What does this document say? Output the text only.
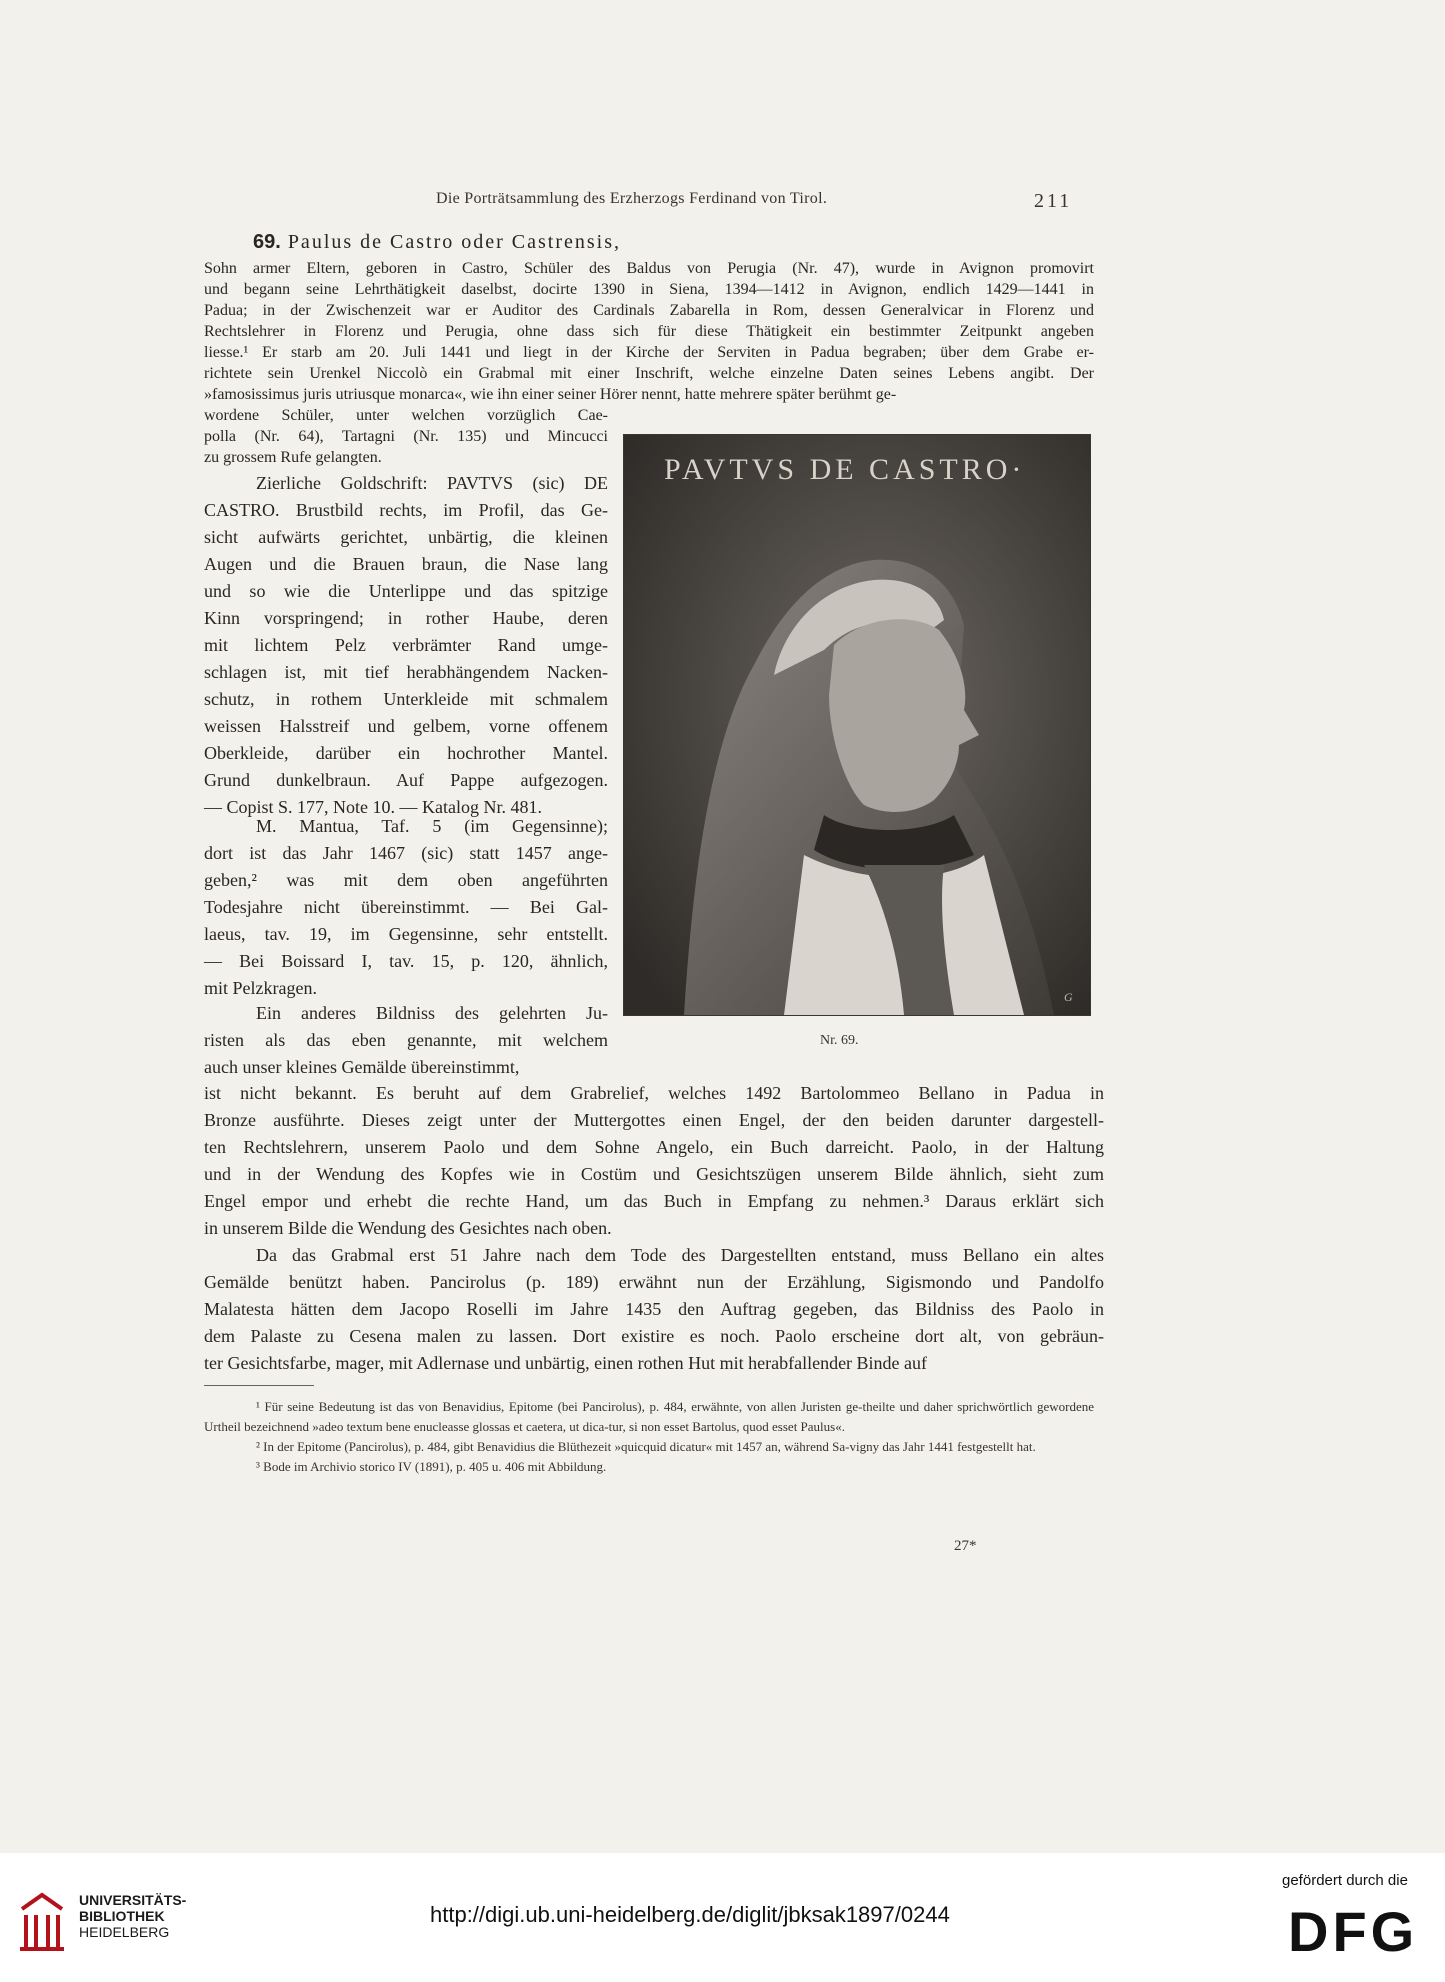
Die Porträtsammlung des Erzherzogs Ferdinand von Tirol.	211
69. Paulus de Castro oder Castrensis,
Sohn armer Eltern, geboren in Castro, Schüler des Baldus von Perugia (Nr. 47), wurde in Avignon promovirt
und begann seine Lehrthätigkeit daselbst, docirte 1390 in Siena, 1394—1412 in Avignon, endlich 1429—1441 in
Padua; in der Zwischenzeit war er Auditor des Cardinals Zabarella in Rom, dessen Generalvicar in Florenz und
Rechtslehrer in Florenz und Perugia, ohne dass sich für diese Thätigkeit ein bestimmter Zeitpunkt angeben
liesse.¹ Er starb am 20. Juli 1441 und liegt in der Kirche der Serviten in Padua begraben; über dem Grabe er-
richtete sein Urenkel Niccolò ein Grabmal mit einer Inschrift, welche einzelne Daten seines Lebens angibt. Der
»famosissimus juris utriusque monarca«, wie ihn einer seiner Hörer nennt, hatte mehrere später berühmt ge-
wordene Schüler, unter welchen vorzüglich Cae-
polla (Nr. 64), Tartagni (Nr. 135) und Mincucci
zu grossem Rufe gelangten.
Zierliche Goldschrift: PAVTVS (sic) DE
CASTRO. Brustbild rechts, im Profil, das Ge-
sicht aufwärts gerichtet, unbärtig, die kleinen
Augen und die Brauen braun, die Nase lang
und so wie die Unterlippe und das spitzige
Kinn vorspringend; in rother Haube, deren
mit lichtem Pelz verbrämter Rand umge-
schlagen ist, mit tief herabhängendem Nacken-
schutz, in rothem Unterkleide mit schmalem
weissen Halsstreif und gelbem, vorne offenem
Oberkleide, darüber ein hochrother Mantel.
Grund dunkelbraun. Auf Pappe aufgezogen.
— Copist S. 177, Note 10. — Katalog Nr. 481.
M. Mantua, Taf. 5 (im Gegensinne);
dort ist das Jahr 1467 (sic) statt 1457 ange-
geben,² was mit dem oben angeführten
Todesjahre nicht übereinstimmt. — Bei Gal-
laeus, tav. 19, im Gegensinne, sehr entstellt.
— Bei Boissard I, tav. 15, p. 120, ähnlich,
mit Pelzkragen.
Ein anderes Bildniss des gelehrten Ju-
risten als das eben genannte, mit welchem
auch unser kleines Gemälde übereinstimmt,
ist nicht bekannt. Es beruht auf dem Grabrelief, welches 1492 Bartolommeo Bellano in Padua in
Bronze ausführte. Dieses zeigt unter der Muttergottes einen Engel, der den beiden darunter dargestell-
ten Rechtslehrern, unserem Paolo und dem Sohne Angelo, ein Buch darreicht. Paolo, in der Haltung
und in der Wendung des Kopfes wie in Costüm und Gesichtszügen unserem Bilde ähnlich, sieht zum
Engel empor und erhebt die rechte Hand, um das Buch in Empfang zu nehmen.³ Daraus erklärt sich
in unserem Bilde die Wendung des Gesichtes nach oben.
Da das Grabmal erst 51 Jahre nach dem Tode des Dargestellten entstand, muss Bellano ein altes
Gemälde benützt haben. Pancirolus (p. 189) erwähnt nun der Erzählung, Sigismondo und Pandolfo
Malatesta hätten dem Jacopo Roselli im Jahre 1435 den Auftrag gegeben, das Bildniss des Paolo in
dem Palaste zu Cesena malen zu lassen. Dort existire es noch. Paolo erscheine dort alt, von gebräun-
ter Gesichtsfarbe, mager, mit Adlernase und unbärtig, einen rothen Hut mit herabfallender Binde auf
PAVTVS DE CASTRO·
G
Nr. 69.

¹ Für seine Bedeutung ist das von Benavidius, Epitome (bei Pancirolus), p. 484, erwähnte, von allen Juristen ge-theilte und daher sprichwörtlich gewordene Urtheil bezeichnend »adeo textum bene enucleasse glossas et caetera, ut dica-tur, si non esset Bartolus, quod esset Paulus«.

² In der Epitome (Pancirolus), p. 484, gibt Benavidius die Blüthezeit »quicquid dicatur« mit 1457 an, während Sa-vigny das Jahr 1441 festgestellt hat.

³ Bode im Archivio storico IV (1891), p. 405 u. 406 mit Abbildung.

27*
UNIVERSITÄTS-
BIBLIOTHEK
HEIDELBERG
http://digi.ub.uni-heidelberg.de/diglit/jbksak1897/0244
gefördert durch die
DFG
